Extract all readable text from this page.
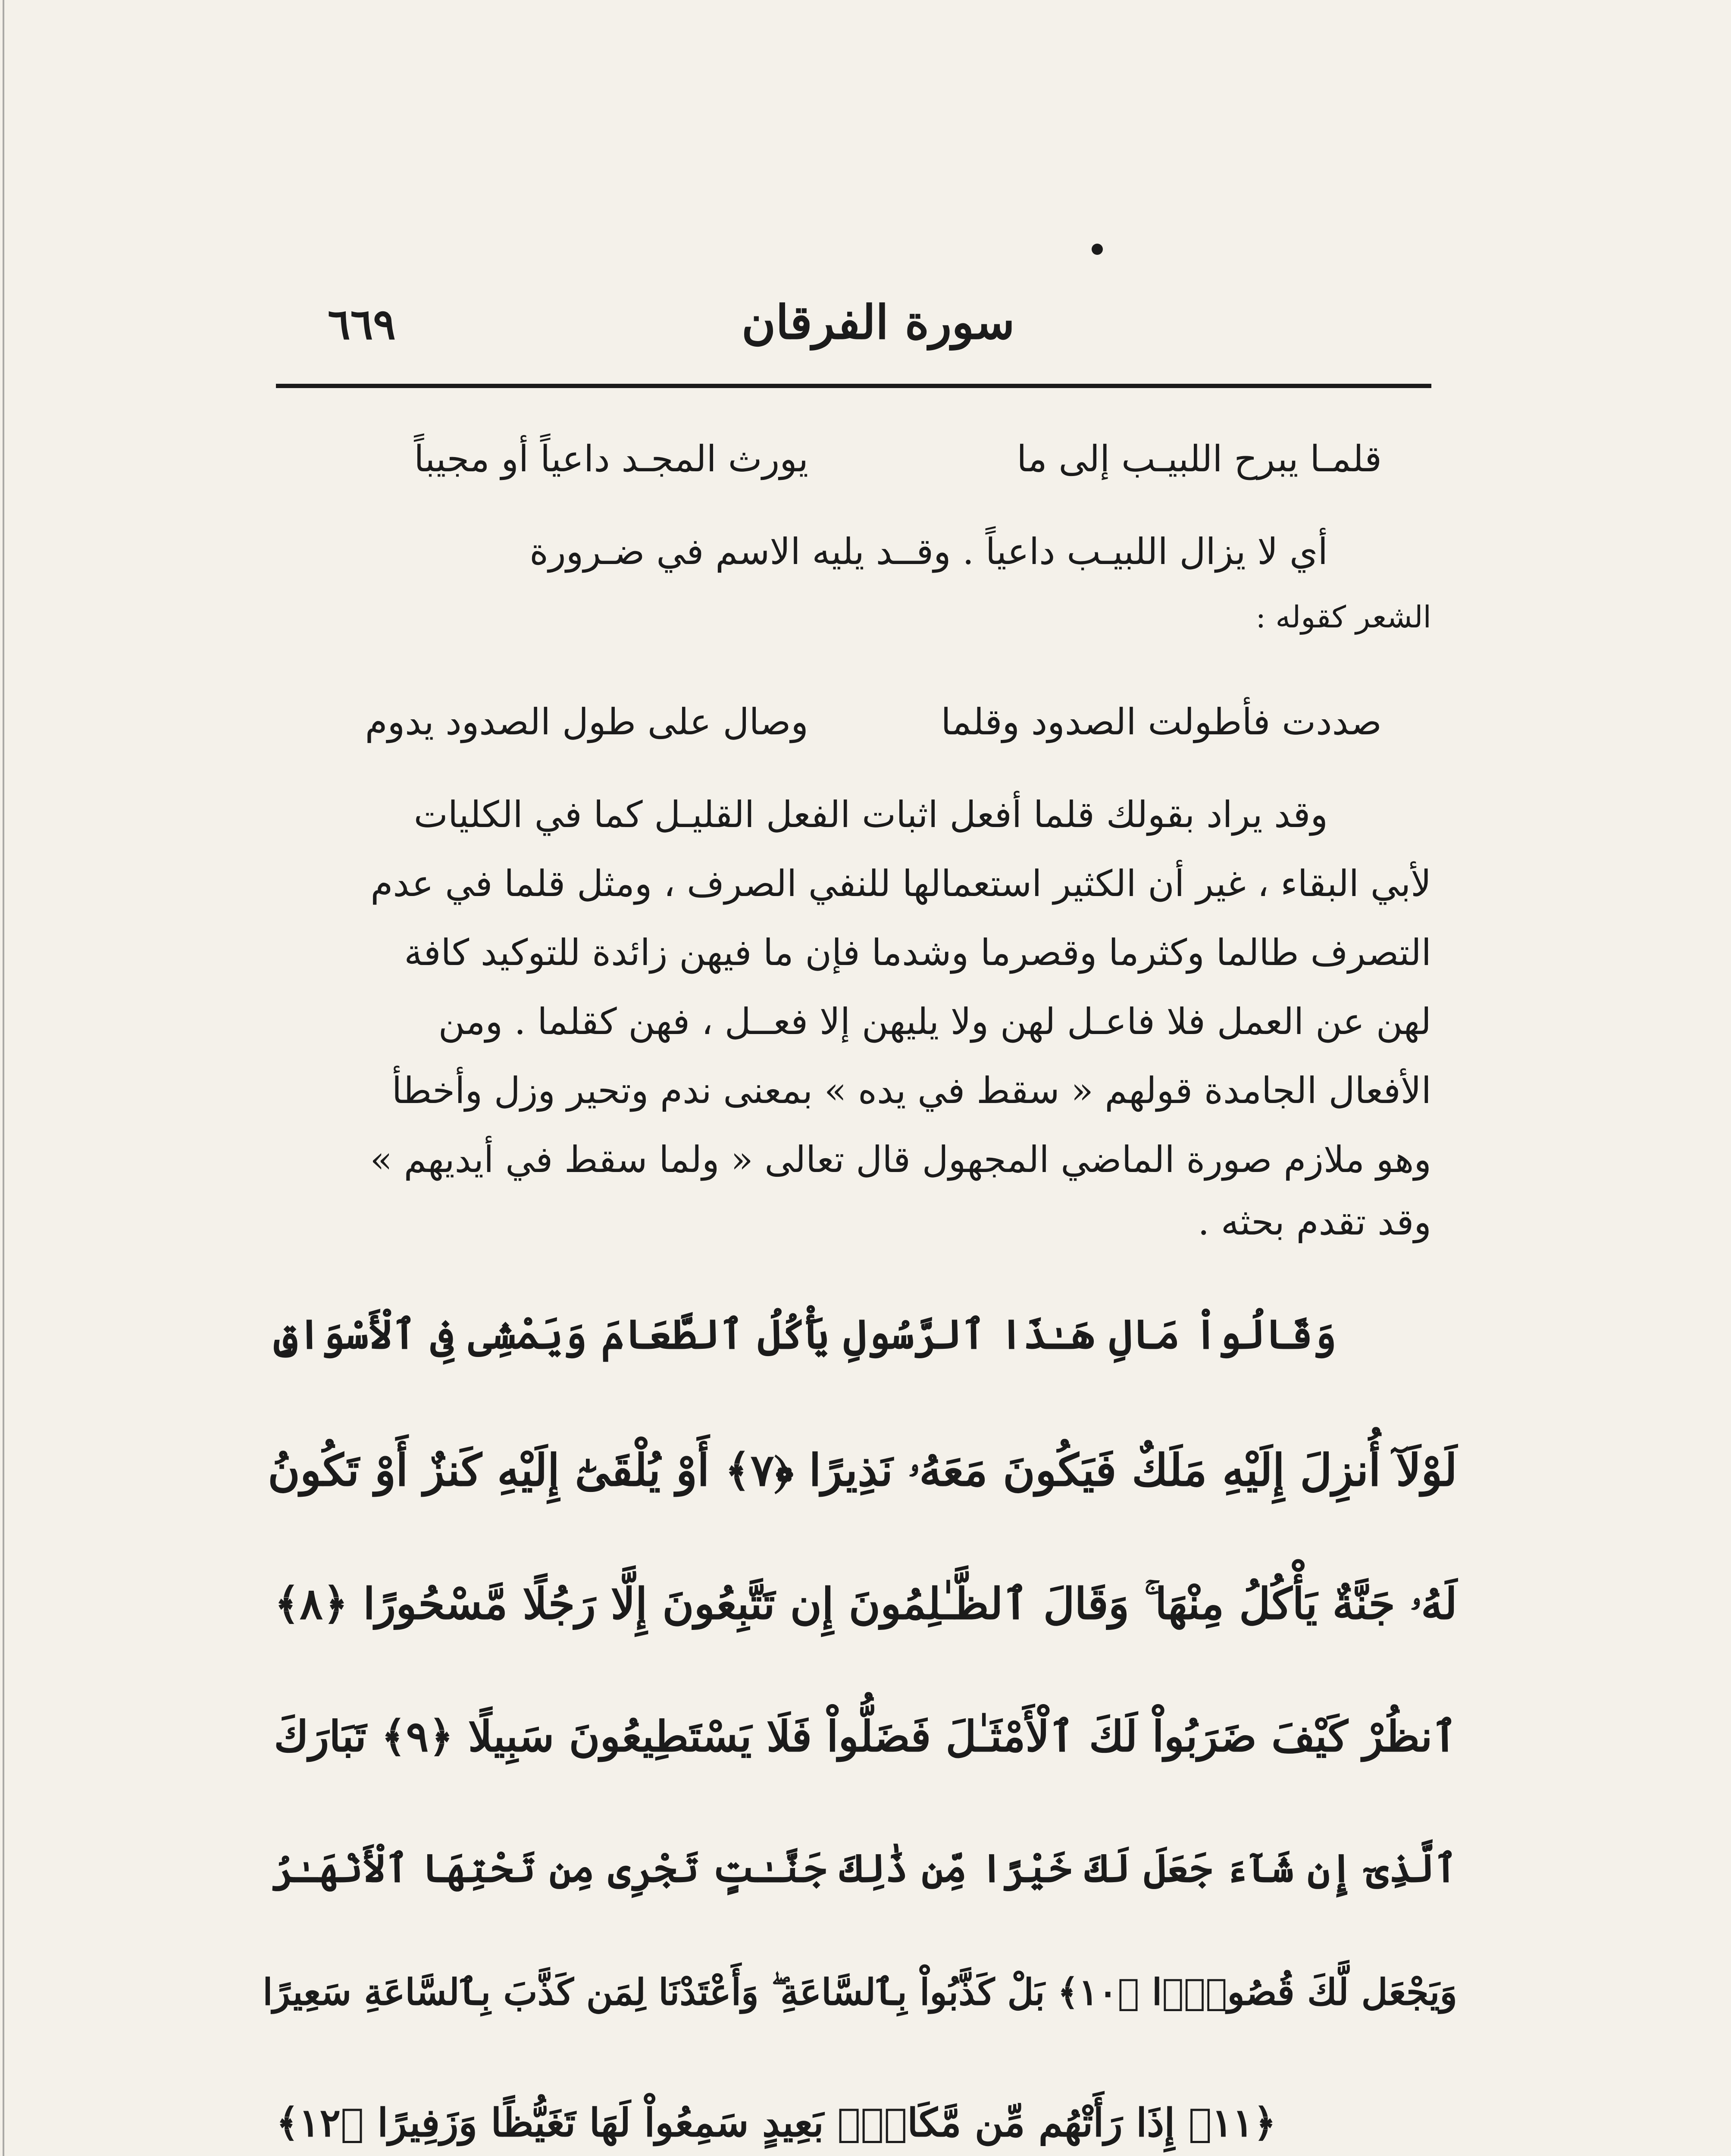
٦٦٩	سورة الفرقان
قلمـا يبرح اللبيـب إلى ما
يورث المجـد داعياً أو مجيباً
أي لا يزال اللبيـب داعياً . وقــد يليه الاسم في ضـرورة
الشعر كقوله :
صددت فأطولت الصدود وقلما
وصال على طول الصدود يدوم
وقد يراد بقولك قلما أفعل اثبات الفعل القليـل كما في الكليات
لأبي البقاء ، غير أن الكثير استعمالها للنفي الصرف ، ومثل قلما في عدم
التصرف طالما وكثرما وقصرما وشدما فإن ما فيهن زائدة للتوكيد كافة
لهن عن العمل فلا فاعـل لهن ولا يليهن إلا فعــل ، فهن كقلما . ومن
الأفعال الجامدة قولهم « سقط في يده » بمعنى ندم وتحير وزل وأخطأ
وهو ملازم صورة الماضي المجهول قال تعالى « ولما سقط في أيديهم »
وقد تقدم بحثه .
وَقَالُواْ مَالِ هَـٰذَا ٱلرَّسُولِ يَأْكُلُ ٱلطَّعَامَ وَيَمْشِى فِى ٱلْأَسْوَاقِ
لَوْلَآ أُنزِلَ إِلَيْهِ مَلَكٌ فَيَكُونَ مَعَهُۥ نَذِيرًا ﴿٧﴾ أَوْ يُلْقَىٰٓ إِلَيْهِ كَنزٌ أَوْ تَكُونُ
لَهُۥ جَنَّةٌ يَأْكُلُ مِنْهَا ۚ وَقَالَ ٱلظَّـٰلِمُونَ إِن تَتَّبِعُونَ إِلَّا رَجُلًا مَّسْحُورًا ﴿٨﴾
ٱنظُرْ كَيْفَ ضَرَبُواْ لَكَ ٱلْأَمْثَـٰلَ فَضَلُّواْ فَلَا يَسْتَطِيعُونَ سَبِيلًا ﴿٩﴾ تَبَارَكَ
ٱلَّذِىٓ إِن شَآءَ جَعَلَ لَكَ خَيْرًا مِّن ذَٰلِكَ جَنَّـٰتٍ تَجْرِى مِن تَحْتِهَا ٱلْأَنْهَـٰرُ
وَيَجْعَل لَّكَ قُصُورًۢا ﴿١٠﴾ بَلْ كَذَّبُواْ بِٱلسَّاعَةِ ۖ وَأَعْتَدْنَا لِمَن كَذَّبَ بِٱلسَّاعَةِ سَعِيرًا
﴿١١﴾ إِذَا رَأَتْهُم مِّن مَّكَانٍۭ بَعِيدٍ سَمِعُواْ لَهَا تَغَيُّظًا وَزَفِيرًا ﴿١٢﴾
